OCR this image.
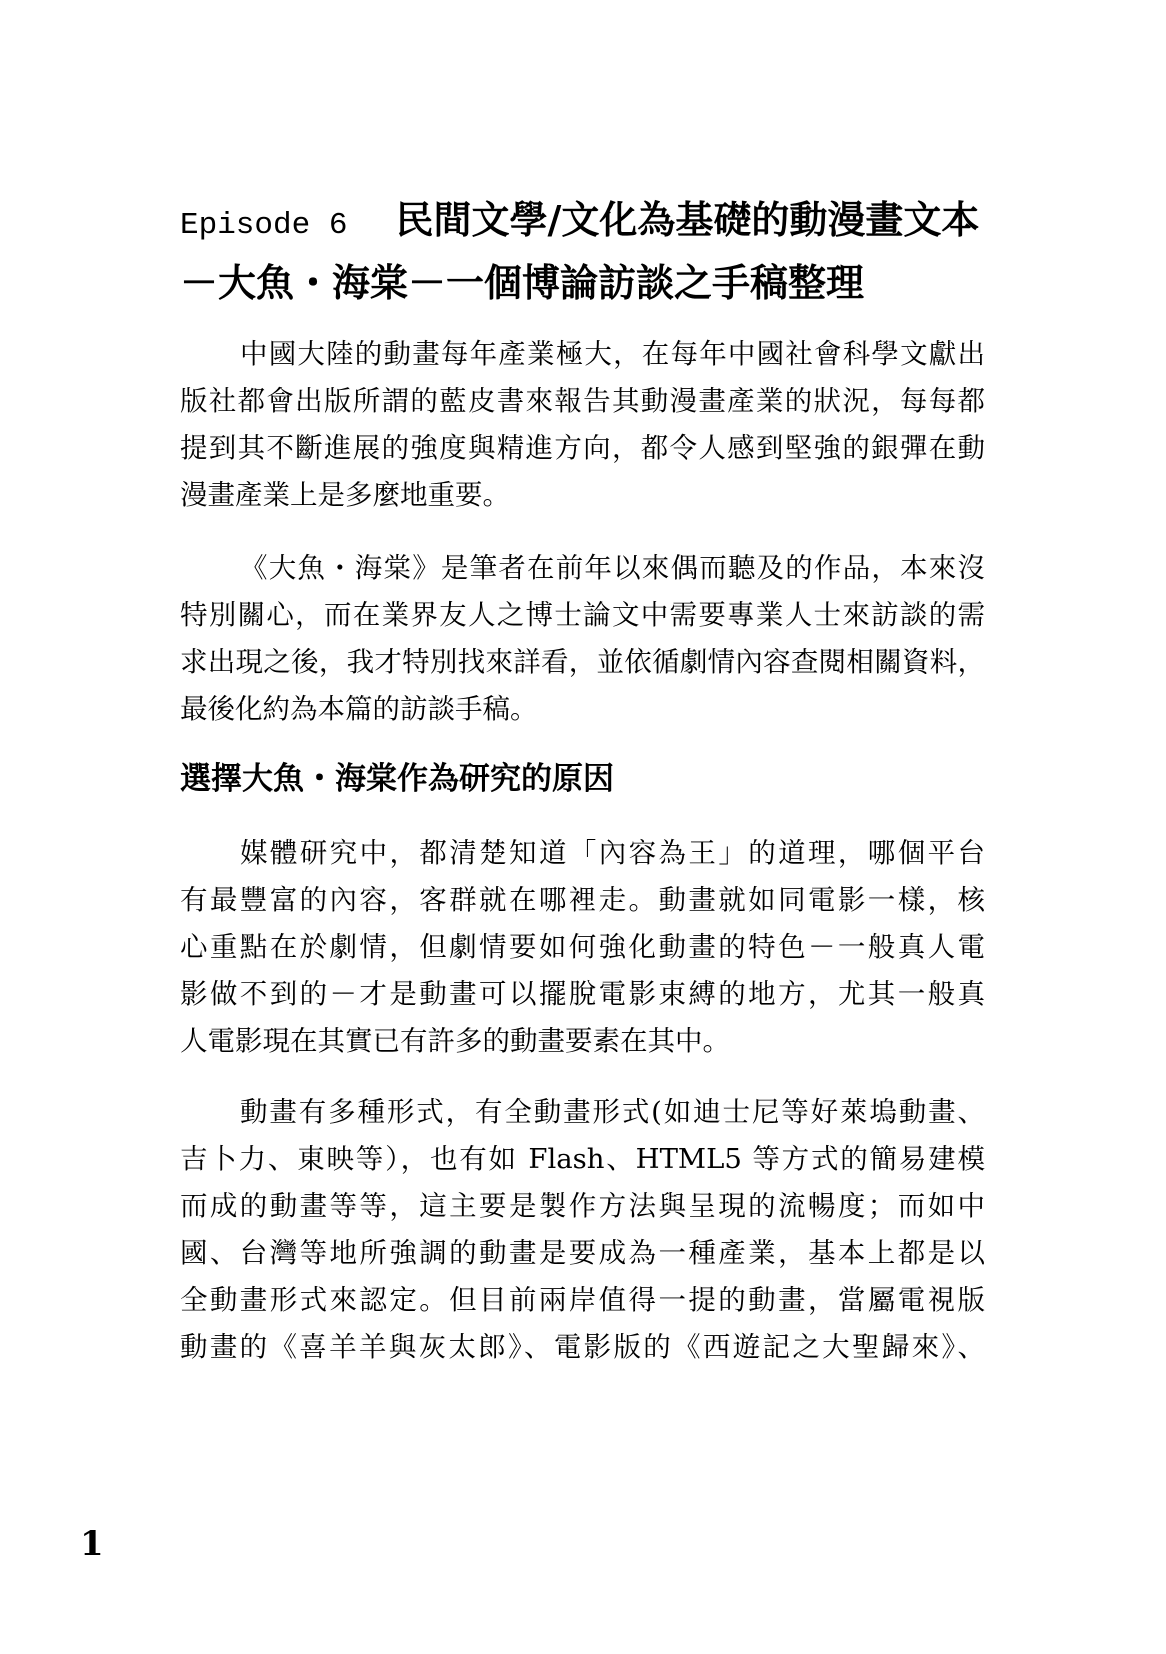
Episode 6 民間文學/文化為基礎的動漫畫文本
－大魚・海棠－一個博論訪談之手稿整理
中國大陸的動畫每年產業極大，在每年中國社會科學文獻出
版社都會出版所謂的藍皮書來報告其動漫畫產業的狀況，每每都
提到其不斷進展的強度與精進方向，都令人感到堅強的銀彈在動
漫畫產業上是多麼地重要。
《大魚・海棠》是筆者在前年以來偶而聽及的作品，本來沒
特別關心，而在業界友人之博士論文中需要專業人士來訪談的需
求出現之後，我才特別找來詳看，並依循劇情內容查閱相關資料，
最後化約為本篇的訪談手稿。
選擇大魚・海棠作為研究的原因
媒體研究中，都清楚知道「內容為王」的道理，哪個平台
有最豐富的內容，客群就在哪裡走。動畫就如同電影一樣，核
心重點在於劇情，但劇情要如何強化動畫的特色－一般真人電
影做不到的－才是動畫可以擺脫電影束縛的地方，尤其一般真
人電影現在其實已有許多的動畫要素在其中。
動畫有多種形式，有全動畫形式(如迪士尼等好萊塢動畫、
吉卜力、東映等），也有如 Flash、HTML5 等方式的簡易建模
而成的動畫等等，這主要是製作方法與呈現的流暢度；而如中
國、台灣等地所強調的動畫是要成為一種產業，基本上都是以
全動畫形式來認定。但目前兩岸值得一提的動畫，當屬電視版
動畫的《喜羊羊與灰太郎》、電影版的《西遊記之大聖歸來》、
1
